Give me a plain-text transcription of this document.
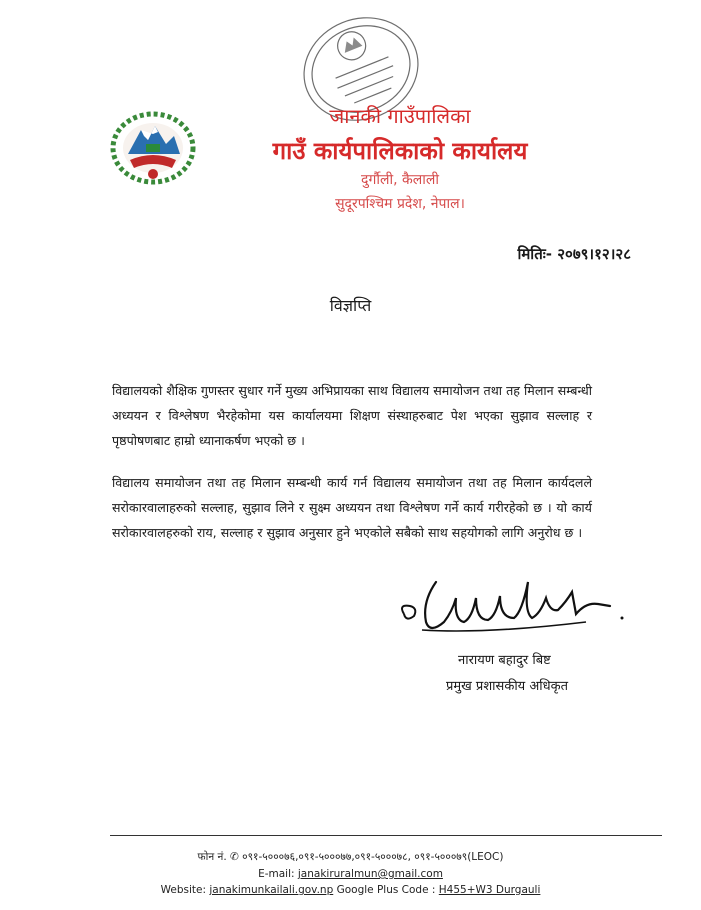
जानकी गाउँपालिका
गाउँ कार्यपालिकाको कार्यालय
दुर्गौली, कैलाली
सुदूरपश्चिम प्रदेश, नेपाल।
मितिः- २०७९।१२।२८
विज्ञप्ति
विद्यालयको शैक्षिक गुणस्तर सुधार गर्ने मुख्य अभिप्रायका साथ विद्यालय समायोजन तथा तह मिलान सम्बन्धी अध्ययन र विश्लेषण भैरहेकोमा यस कार्यालयमा शिक्षण संस्थाहरुबाट पेश भएका सुझाव सल्लाह र पृष्ठपोषणबाट हाम्रो ध्यानाकर्षण भएको छ ।
विद्यालय समायोजन तथा तह मिलान सम्बन्धी कार्य गर्न विद्यालय समायोजन तथा तह मिलान कार्यदलले सरोकारवालाहरुको सल्लाह, सुझाव लिने र सुक्ष्म अध्ययन तथा विश्लेषण गर्ने कार्य गरीरहेको छ । यो कार्य सरोकारवालहरुको राय, सल्लाह र सुझाव अनुसार हुने भएकोले सबैको साथ सहयोगको लागि अनुरोध छ ।
नारायण बहादुर बिष्ट
प्रमुख प्रशासकीय अधिकृत
फोन नं. ✆ ०९१-५०००७६,०९१-५०००७७,०९१-५०००७८, ०९१-५०००७९(LEOC)
E-mail: janakiruralmun@gmail.com
Website: janakimunkailali.gov.np Google Plus Code : H455+W3 Durgauli
